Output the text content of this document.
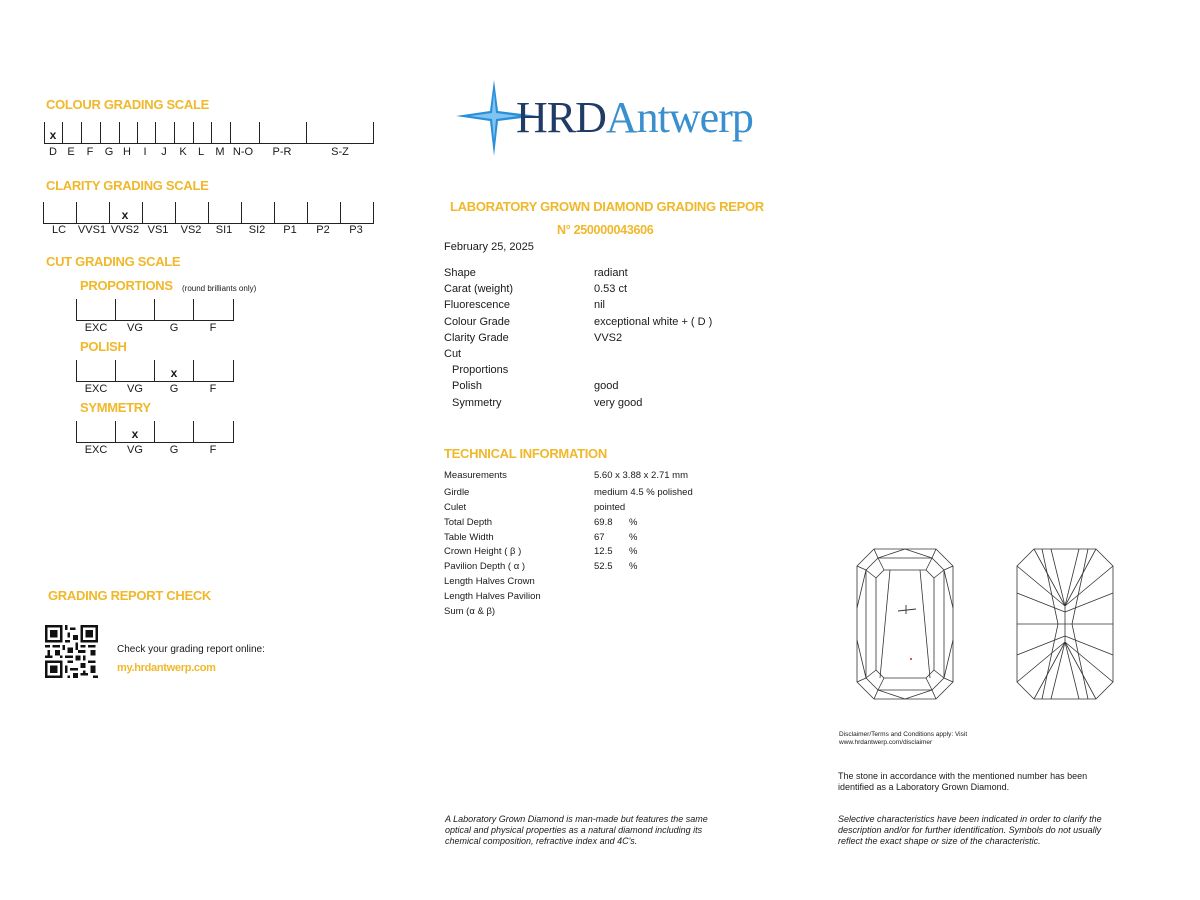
HRDAntwerp
COLOUR GRADING SCALE
x
D E F G H I J K L M N-O P-R	S-Z
CLARITY GRADING SCALE
x
LC VVS1 VVS2 VS1 VS2 SI1 SI2 P1 P2 P3
CUT GRADING SCALE
PROPORTIONS (round brilliants only)
EXC VG G	F
POLISH
x
EXC VG G	F
SYMMETRY
x
EXC VG G	F
GRADING REPORT CHECK
Check your grading report online:
my.hrdantwerp.com
LABORATORY GROWN DIAMOND GRADING REPOR
N° 250000043606
February 25, 2025
Shape	radiant
Carat (weight)	0.53 ct
Fluorescence	nil
Colour Grade	exceptional white + ( D )
Clarity Grade	VVS2
Cut
Proportions
Polish	good
Symmetry	very good
TECHNICAL INFORMATION
Measurements	5.60 x 3.88 x 2.71 mm
Girdle	medium 4.5 % polished
Culet	pointed
Total Depth	69.8 %
Table Width	67	%
Crown Height ( β )	12.5 %
Pavilion Depth ( α )	52.5 %
Length Halves Crown
Length Halves Pavilion
Sum (α & β)
Disclaimer/Terms and Conditions apply: Visit
www.hrdantwerp.com/disclaimer
The stone in accordance with the mentioned number has been
identified as a Laboratory Grown Diamond.
A Laboratory Grown Diamond is man-made but features the same
optical and physical properties as a natural diamond including its
chemical composition, refractive index and 4C's.
Selective characteristics have been indicated in order to clarify the
description and/or for further identification. Symbols do not usually
reflect the exact shape or size of the characteristic.
